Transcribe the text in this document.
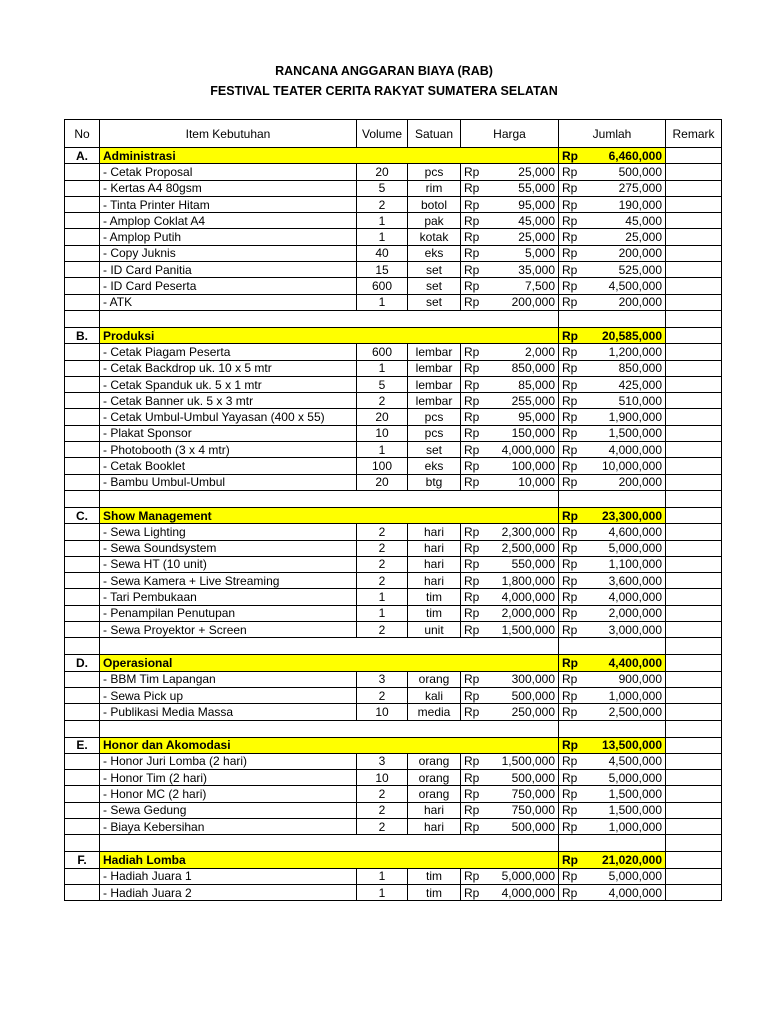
RANCANA ANGGARAN BIAYA (RAB)
FESTIVAL TEATER CERITA RAKYAT SUMATERA SELATAN
No	Item Kebutuhan	Volume	Satuan	Harga		Jumlah		Remark
A.	Administrasi					Rp	6,460,000	
	- Cetak Proposal	20	pcs	Rp	25,000	Rp	500,000	
	- Kertas A4 80gsm	5	rim	Rp	55,000	Rp	275,000	
	- Tinta Printer Hitam	2	botol	Rp	95,000	Rp	190,000	
	- Amplop Coklat A4	1	pak	Rp	45,000	Rp	45,000	
	- Amplop Putih	1	kotak	Rp	25,000	Rp	25,000	
	- Copy Juknis	40	eks	Rp	5,000	Rp	200,000	
	- ID Card Panitia	15	set	Rp	35,000	Rp	525,000	
	- ID Card Peserta	600	set	Rp	7,500	Rp	4,500,000	
	- ATK	1	set	Rp	200,000	Rp	200,000	

B.	Produksi					Rp	20,585,000	
	- Cetak Piagam Peserta	600	lembar	Rp	2,000	Rp	1,200,000	
	- Cetak Backdrop uk. 10 x 5 mtr	1	lembar	Rp	850,000	Rp	850,000	
	- Cetak Spanduk uk. 5 x 1 mtr	5	lembar	Rp	85,000	Rp	425,000	
	- Cetak Banner uk. 5 x 3 mtr	2	lembar	Rp	255,000	Rp	510,000	
	- Cetak Umbul-Umbul Yayasan (400 x 55)	20	pcs	Rp	95,000	Rp	1,900,000	
	- Plakat Sponsor	10	pcs	Rp	150,000	Rp	1,500,000	
	- Photobooth (3 x 4 mtr)	1	set	Rp	4,000,000	Rp	4,000,000	
	- Cetak Booklet	100	eks	Rp	100,000	Rp	10,000,000	
	- Bambu Umbul-Umbul	20	btg	Rp	10,000	Rp	200,000	

C.	Show Management					Rp	23,300,000	
	- Sewa Lighting	2	hari	Rp	2,300,000	Rp	4,600,000	
	- Sewa Soundsystem	2	hari	Rp	2,500,000	Rp	5,000,000	
	- Sewa HT (10 unit)	2	hari	Rp	550,000	Rp	1,100,000	
	- Sewa Kamera + Live Streaming	2	hari	Rp	1,800,000	Rp	3,600,000	
	- Tari Pembukaan	1	tim	Rp	4,000,000	Rp	4,000,000	
	- Penampilan Penutupan	1	tim	Rp	2,000,000	Rp	2,000,000	
	- Sewa Proyektor + Screen	2	unit	Rp	1,500,000	Rp	3,000,000	

D.	Operasional					Rp	4,400,000	
	- BBM Tim Lapangan	3	orang	Rp	300,000	Rp	900,000	
	- Sewa Pick up	2	kali	Rp	500,000	Rp	1,000,000	
	- Publikasi Media Massa	10	media	Rp	250,000	Rp	2,500,000	

E.	Honor dan Akomodasi					Rp	13,500,000	
	- Honor Juri Lomba (2 hari)	3	orang	Rp	1,500,000	Rp	4,500,000	
	- Honor Tim (2 hari)	10	orang	Rp	500,000	Rp	5,000,000	
	- Honor MC (2 hari)	2	orang	Rp	750,000	Rp	1,500,000	
	- Sewa Gedung	2	hari	Rp	750,000	Rp	1,500,000	
	- Biaya Kebersihan	2	hari	Rp	500,000	Rp	1,000,000	

F.	Hadiah Lomba					Rp	21,020,000	
	- Hadiah Juara 1	1	tim	Rp	5,000,000	Rp	5,000,000	
	- Hadiah Juara 2	1	tim	Rp	4,000,000	Rp	4,000,000	
